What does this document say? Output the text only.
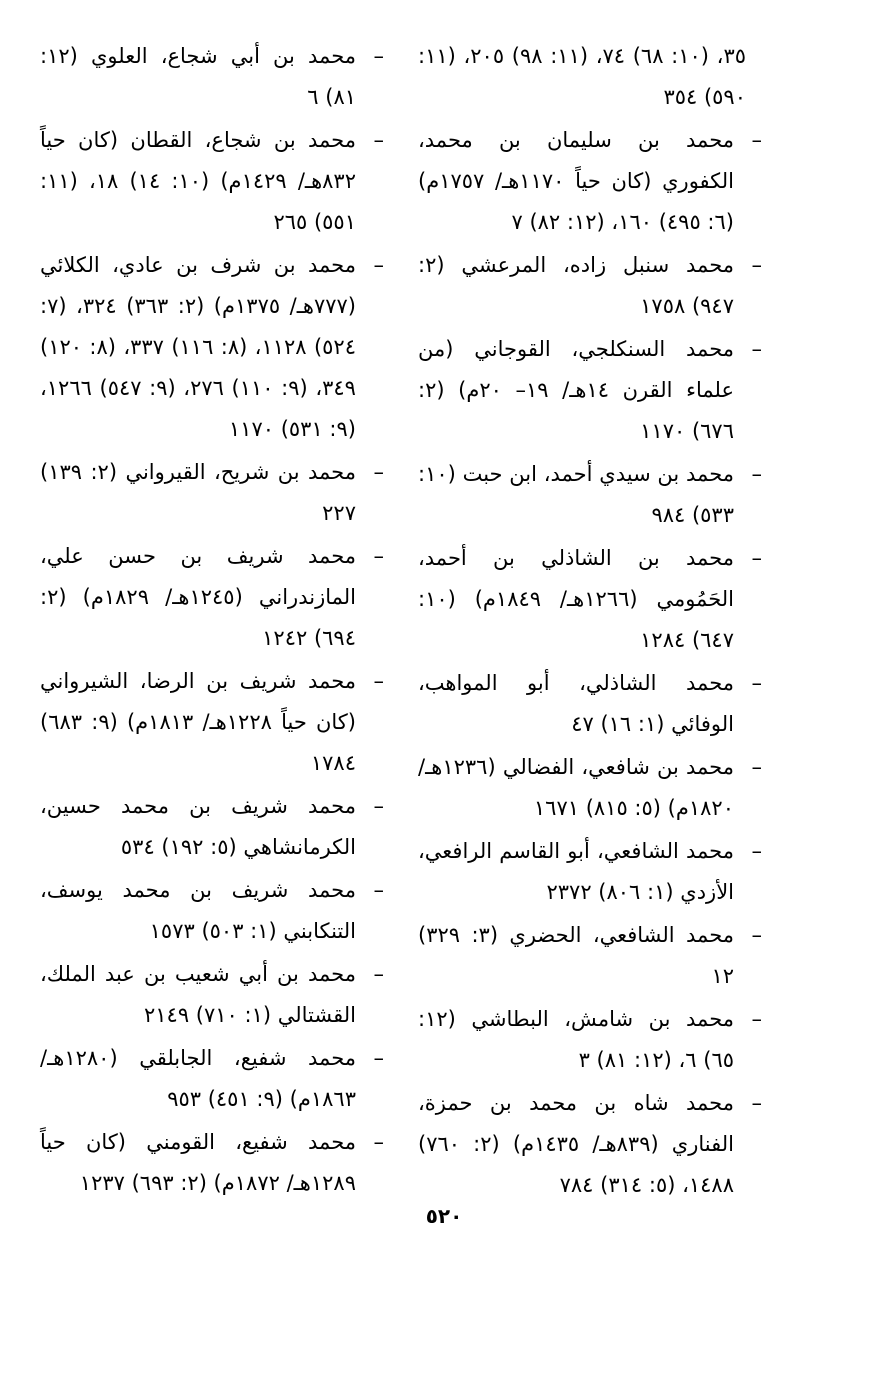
٣٥، (١٠: ٦٨) ٧٤، (١١: ٩٨) ٢٠٥، (١١: ٥٩٠) ٣٥٤
–
محمد بن سليمان بن محمد، الكفوري (كان حياً ١١٧٠هـ/ ١٧٥٧م) (٦: ٤٩٥) ١٦٠، (١٢: ٨٢) ٧
–
محمد سنبل زاده، المرعشي (٢: ٩٤٧) ١٧٥٨
–
محمد السنكلجي، القوجاني (من علماء القرن ١٤هـ/ ١٩– ٢٠م) (٢: ٦٧٦) ١١٧٠
–
محمد بن سيدي أحمد، ابن حبت (١٠: ٥٣٣) ٩٨٤
–
محمد بن الشاذلي بن أحمد، الحَمُومي (١٢٦٦هـ/ ١٨٤٩م) (١٠: ٦٤٧) ١٢٨٤
–
محمد الشاذلي، أبو المواهب، الوفائي (١: ١٦) ٤٧
–
محمد بن شافعي، الفضالي (١٢٣٦هـ/ ١٨٢٠م) (٥: ٨١٥) ١٦٧١
–
محمد الشافعي، أبو القاسم الرافعي، الأزدي (١: ٨٠٦) ٢٣٧٢
–
محمد الشافعي، الحضري (٣: ٣٢٩) ١٢
–
محمد بن شامش، البطاشي (١٢: ٦٥) ٦، (١٢: ٨١) ٣
–
محمد شاه بن محمد بن حمزة، الفناري (٨٣٩هـ/ ١٤٣٥م) (٢: ٧٦٠) ١٤٨٨، (٥: ٣١٤) ٧٨٤
–
محمد بن أبي شجاع، العلوي (١٢: ٨١) ٦
–
محمد بن شجاع، القطان (كان حياً ٨٣٢هـ/ ١٤٢٩م) (١٠: ١٤) ١٨، (١١: ٥٥١) ٢٦٥
–
محمد بن شرف بن عادي، الكلائي (٧٧٧هـ/ ١٣٧٥م) (٢: ٣٦٣) ٣٢٤، (٧: ٥٢٤) ١١٢٨، (٨: ١١٦) ٣٣٧، (٨: ١٢٠) ٣٤٩، (٩: ١١٠) ٢٧٦، (٩: ٥٤٧) ١٢٦٦، (٩: ٥٣١) ١١٧٠
–
محمد بن شريح، القيرواني (٢: ١٣٩) ٢٢٧
–
محمد شريف بن حسن علي، المازندراني (١٢٤٥هـ/ ١٨٢٩م) (٢: ٦٩٤) ١٢٤٢
–
محمد شريف بن الرضا، الشيرواني (كان حياً ١٢٢٨هـ/ ١٨١٣م) (٩: ٦٨٣) ١٧٨٤
–
محمد شريف بن محمد حسين، الكرمانشاهي (٥: ١٩٢) ٥٣٤
–
محمد شريف بن محمد يوسف، التنكابني (١: ٥٠٣) ١٥٧٣
–
محمد بن أبي شعيب بن عبد الملك، القشتالي (١: ٧١٠) ٢١٤٩
–
محمد شفيع، الجابلقي (١٢٨٠هـ/ ١٨٦٣م) (٩: ٤٥١) ٩٥٣
–
محمد شفيع، القومني (كان حياً ١٢٨٩هـ/ ١٨٧٢م) (٢: ٦٩٣) ١٢٣٧
٥٢٠
